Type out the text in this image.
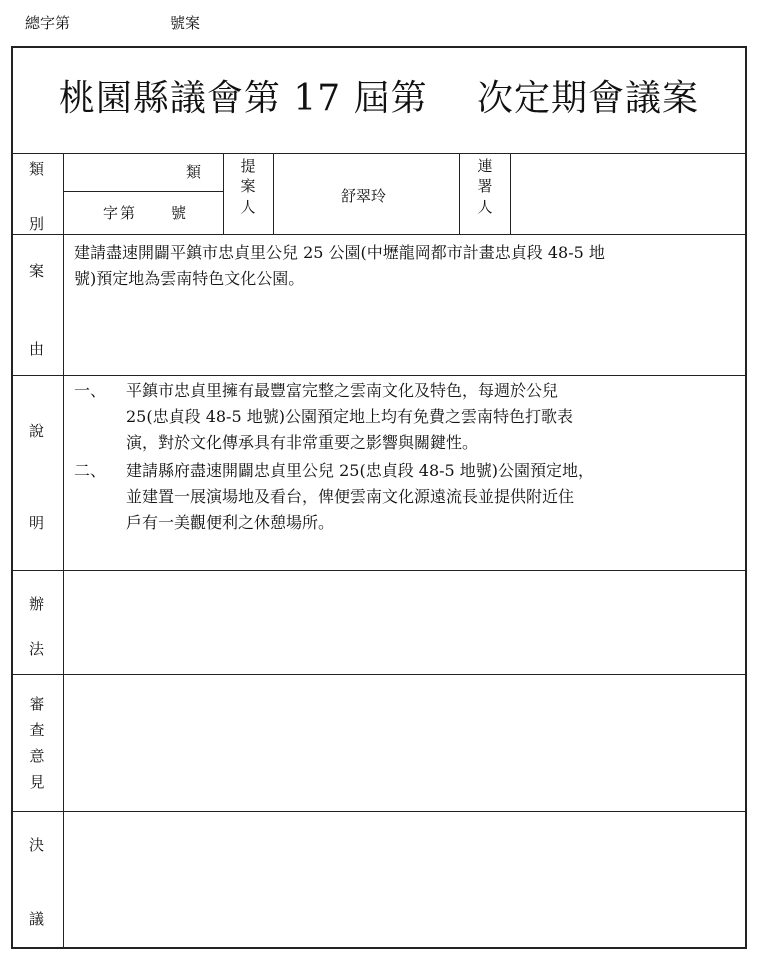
總字第	號案
桃園縣議會第 17 屆第　 次定期會議案
類
別
類
字第　　號
提
案
人
舒翠玲
連
署
人
案
由
建請盡速開闢平鎮市忠貞里公兒 25 公園(中壢龍岡都市計畫忠貞段 48-5 地
號)預定地為雲南特色文化公園。
說
明
一、 平鎮市忠貞里擁有最豐富完整之雲南文化及特色，每週於公兒
25(忠貞段 48-5 地號)公園預定地上均有免費之雲南特色打歌表
演，對於文化傳承具有非常重要之影響與關鍵性。
二、 建請縣府盡速開闢忠貞里公兒 25(忠貞段 48-5 地號)公園預定地，
並建置一展演場地及看台，俾便雲南文化源遠流長並提供附近住
戶有一美觀便利之休憩場所。
辦
法
審
查
意
見
決
議
